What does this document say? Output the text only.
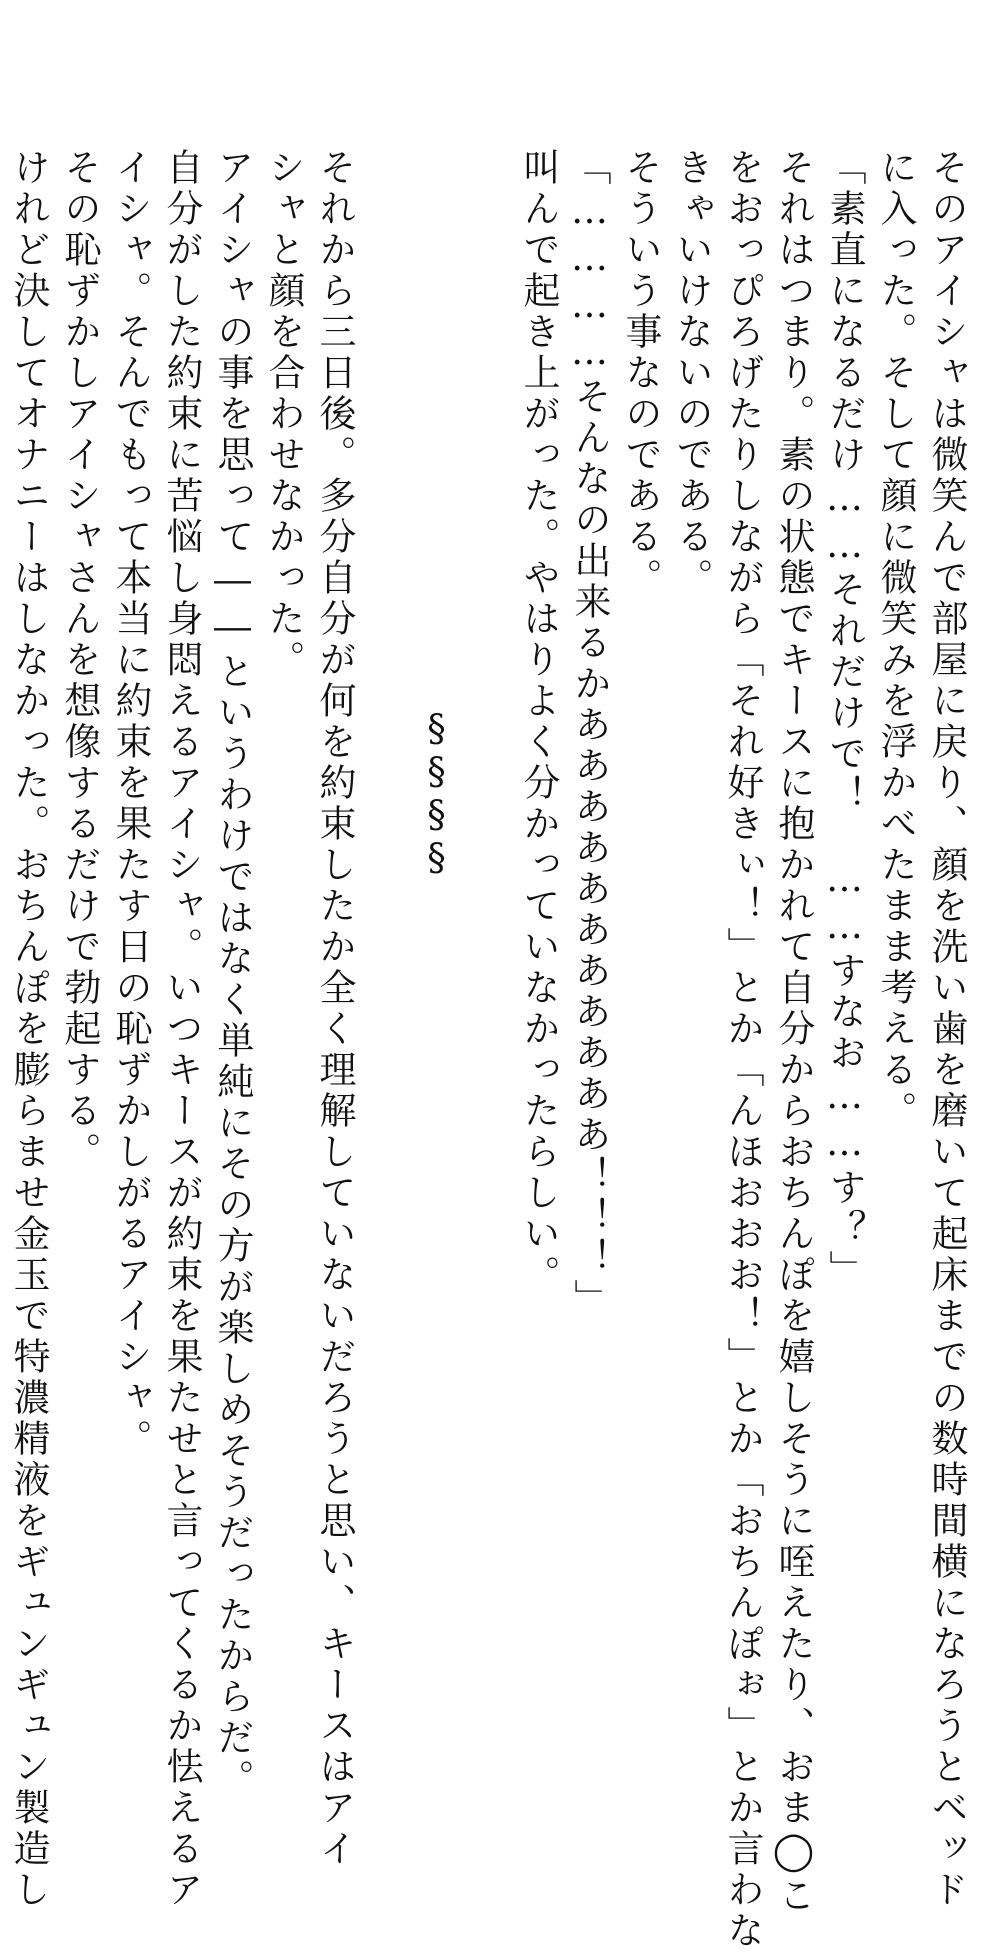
そのアイシャは微笑んで部屋に戻り、顔を洗い歯を磨いて起床までの数時間横になろうとベッド

に入った。そして顔に微笑みを浮かべたまま考える。

「素直になるだけ……それだけで！　……すなお……す？」

それはつまり。素の状態でキースに抱かれて自分からおちんぽを嬉しそうに咥えたり、おま◯こ

をおっぴろげたりしながら「それ好きぃ！」とか「んほおおお！」とか「おちんぽぉ」とか言わな

きゃいけないのである。

そういう事なのである。

「…………そんなの出来るかあああああああああああ！！！」

叫んで起き上がった。やはりよく分かっていなかったらしい。

§§§§

それから三日後。多分自分が何を約束したか全く理解していないだろうと思い、キースはアイ

シャと顔を合わせなかった。

アイシャの事を思って――というわけではなく単純にその方が楽しめそうだったからだ。

自分がした約束に苦悩し身悶えるアイシャ。いつキースが約束を果たせと言ってくるか怯えるア

イシャ。そんでもって本当に約束を果たす日の恥ずかしがるアイシャ。

その恥ずかしアイシャさんを想像するだけで勃起する。

けれど決してオナニーはしなかった。おちんぽを膨らませ金玉で特濃精液をギュンギュン製造し
